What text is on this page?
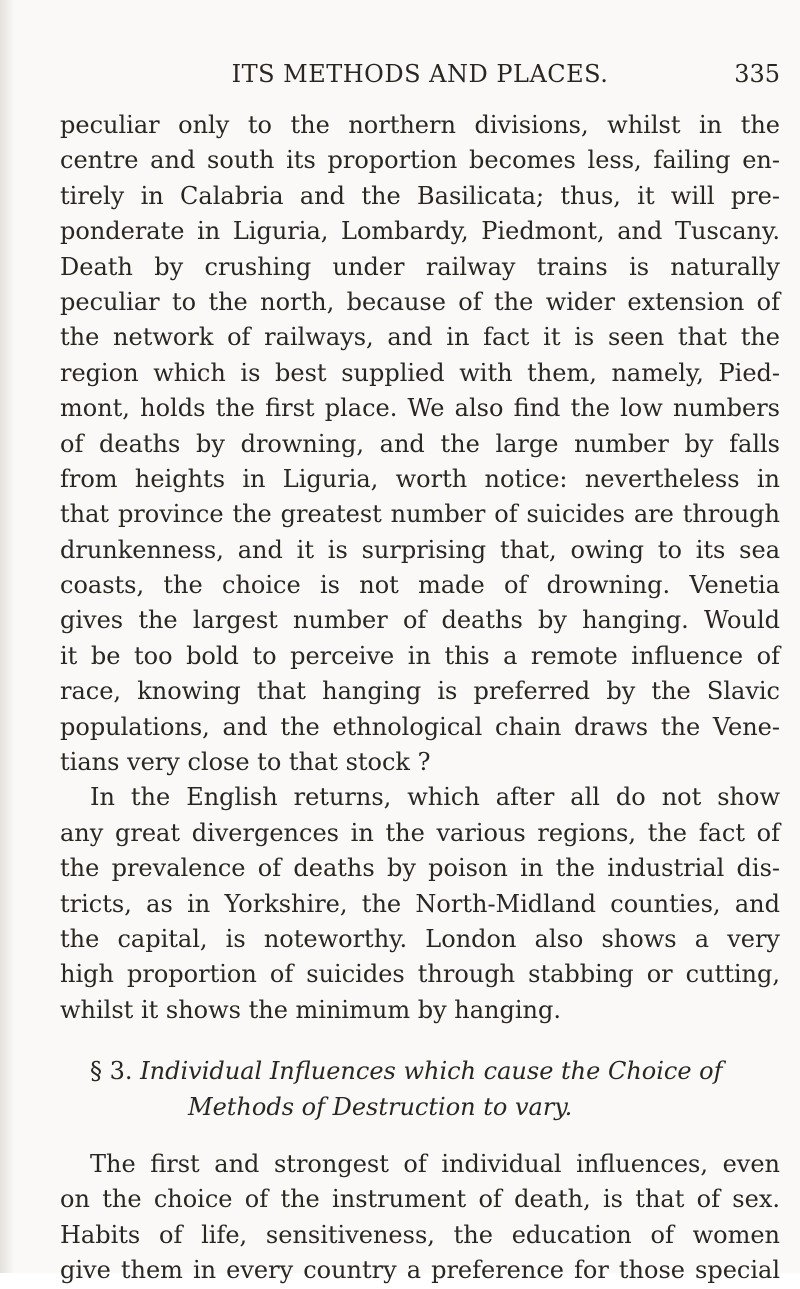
ITS METHODS AND PLACES.	335
peculiar only to the northern divisions, whilst in the
centre and south its proportion becomes less, failing en-
tirely in Calabria and the Basilicata; thus, it will pre-
ponderate in Liguria, Lombardy, Piedmont, and Tuscany.
Death by crushing under railway trains is naturally
peculiar to the north, because of the wider extension of
the network of railways, and in fact it is seen that the
region which is best supplied with them, namely, Pied-
mont, holds the first place. We also find the low numbers
of deaths by drowning, and the large number by falls
from heights in Liguria, worth notice: nevertheless in
that province the greatest number of suicides are through
drunkenness, and it is surprising that, owing to its sea
coasts, the choice is not made of drowning. Venetia
gives the largest number of deaths by hanging. Would
it be too bold to perceive in this a remote influence of
race, knowing that hanging is preferred by the Slavic
populations, and the ethnological chain draws the Vene-
tians very close to that stock ?
In the English returns, which after all do not show
any great divergences in the various regions, the fact of
the prevalence of deaths by poison in the industrial dis-
tricts, as in Yorkshire, the North-Midland counties, and
the capital, is noteworthy. London also shows a very
high proportion of suicides through stabbing or cutting,
whilst it shows the minimum by hanging.
§ 3. Individual Influences which cause the Choice of
Methods of Destruction to vary.
The first and strongest of individual influences, even
on the choice of the instrument of death, is that of sex.
Habits of life, sensitiveness, the education of women
give them in every country a preference for those special
